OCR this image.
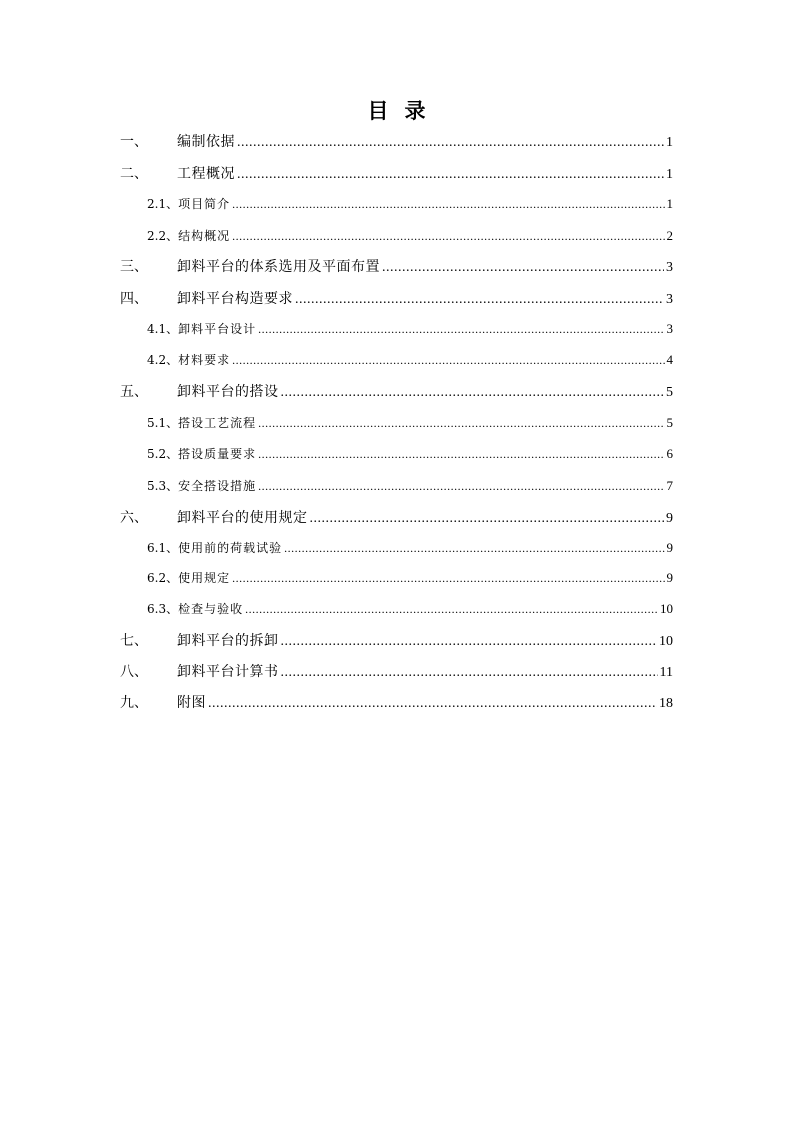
目录
一、	编制依据 .....	1
二、	工程概况 .....	1
2.1、 项目简介 .....	1
2.2、 结构概况 .....	2
三、	卸料平台的体系选用及平面布置 .....	3
四、	卸料平台构造要求 .....	3
4.1、 卸料平台设计 .....	3
4.2、 材料要求 .....	4
五、	卸料平台的搭设 .....	5
5.1、 搭设工艺流程 .....	5
5.2、 搭设质量要求 .....	6
5.3、 安全搭设措施 .....	7
六、	卸料平台的使用规定 .....	9
6.1、 使用前的荷载试验 .....	9
6.2、 使用规定 .....	9
6.3、 检查与验收 .....	10
七、	卸料平台的拆卸 .....	10
八、	卸料平台计算书 .....	11
九、	附图 .....	18
